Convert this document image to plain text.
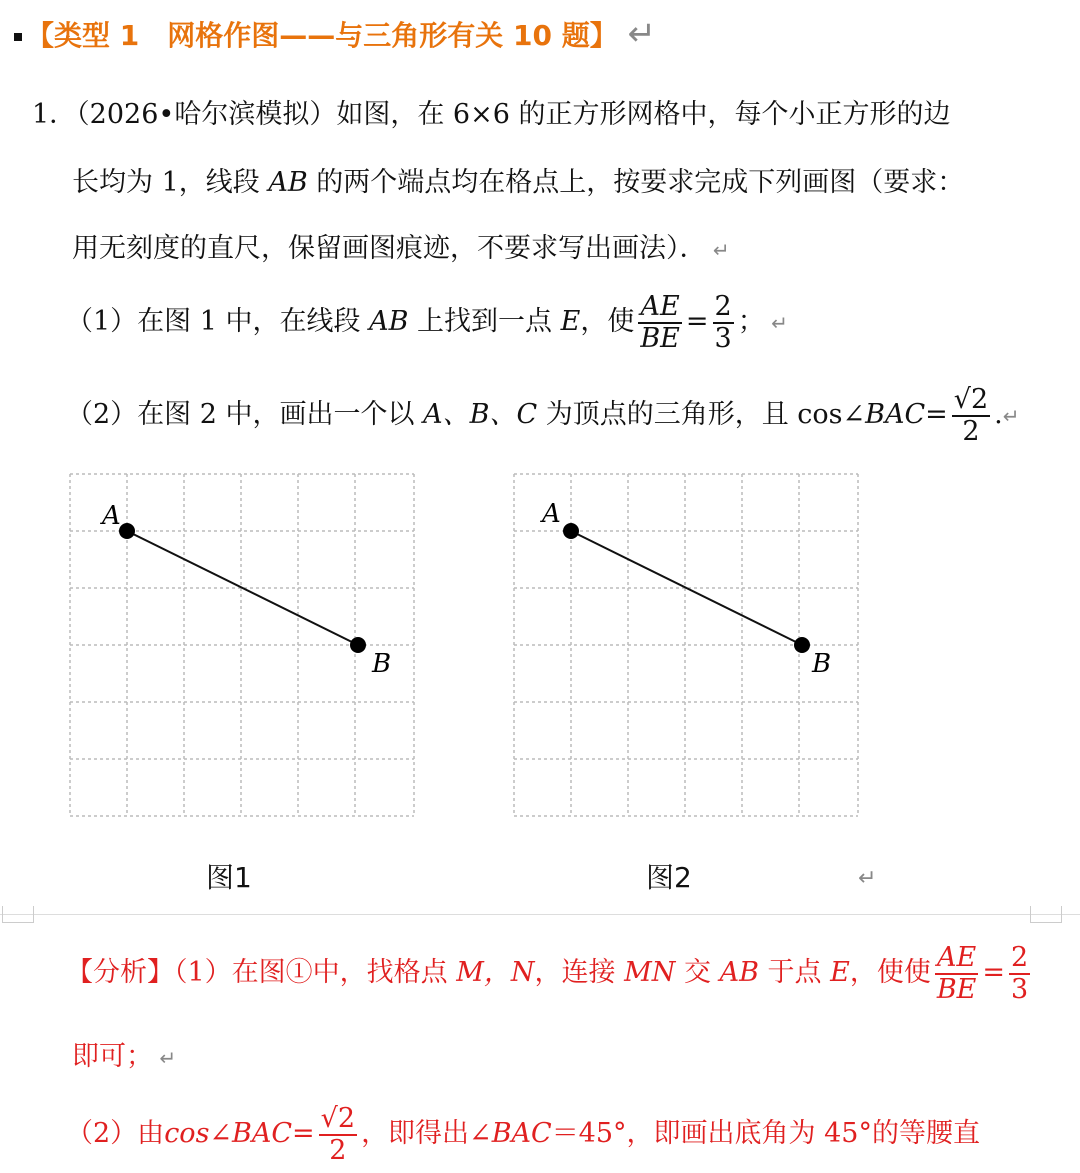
【类型 1　网格作图——与三角形有关 10 题】 ↵
1．（2026•哈尔滨模拟）如图，在 6×6 的正方形网格中，每个小正方形的边
长均为 1，线段 AB 的两个端点均在格点上，按要求完成下列画图（要求：
用无刻度的直尺，保留画图痕迹，不要求写出画法）． ↵
（1）在图 1 中，在线段 AB 上找到一点 E，使 $\frac{AE}{BE} = \frac{2}{3}$ ； ↵
（2）在图 2 中，画出一个以 A、B、C 为顶点的三角形，且 cos∠BAC= $\frac{√2}{2}$ .↵
A
B
图1
A
B
图2	↵
【分析】（1）在图①中，找格点 M，N，连接 MN 交 AB 于点 E，使使 $\frac{AE}{BE} = \frac{2}{3}$
即可； ↵
（2）由cos∠BAC= $\frac{√2}{2}$ ，即得出∠BAC＝45°，即画出底角为 45°的等腰直
